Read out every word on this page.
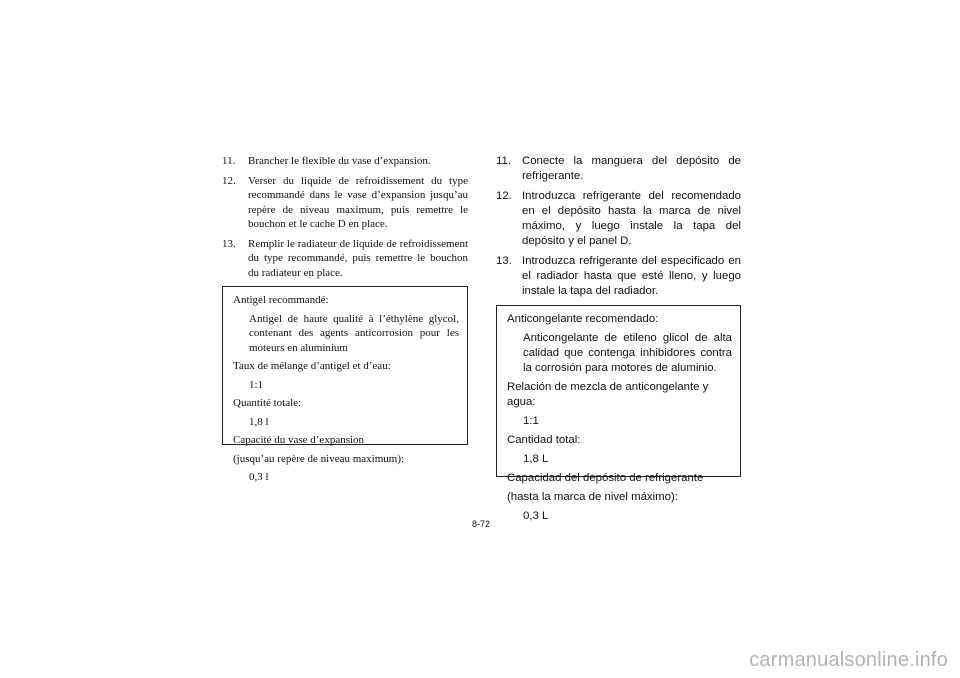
11. Brancher le flexible du vase d’expansion.
12. Verser du liquide de refroidissement du type recommandé dans le vase d’expansion jusqu’au repère de niveau maximum, puis remettre le bouchon et le cache D en place.
13. Remplir le radiateur de liquide de refroidissement du type recommandé, puis remettre le bouchon du radiateur en place.

Antigel recommandé:

Antigel de haute qualité à l’éthylène glycol, contenant des agents anticorrosion pour les moteurs en aluminium

Taux de mélange d’antigel et d’eau:

1:1

Quantité totale:

1,8 l

Capacité du vase d’expansion

(jusqu’au repère de niveau maximum):

0,3 l

11. Conecte la manguera del depósito de refrigerante.
12. Introduzca refrigerante del recomendado en el depósito hasta la marca de nivel máximo, y luego instale la tapa del depósito y el panel D.
13. Introduzca refrigerante del especificado en el radiador hasta que esté lleno, y luego instale la tapa del radiador.

Anticongelante recomendado:

Anticongelante de etileno glicol de alta calidad que contenga inhibidores contra la corrosión para motores de aluminio.

Relación de mezcla de anticongelante y agua:

1:1

Cantidad total:

1,8 L

Capacidad del depósito de refrigerante

(hasta la marca de nivel máximo):

0,3 L

8-72
carmanualsonline.info
